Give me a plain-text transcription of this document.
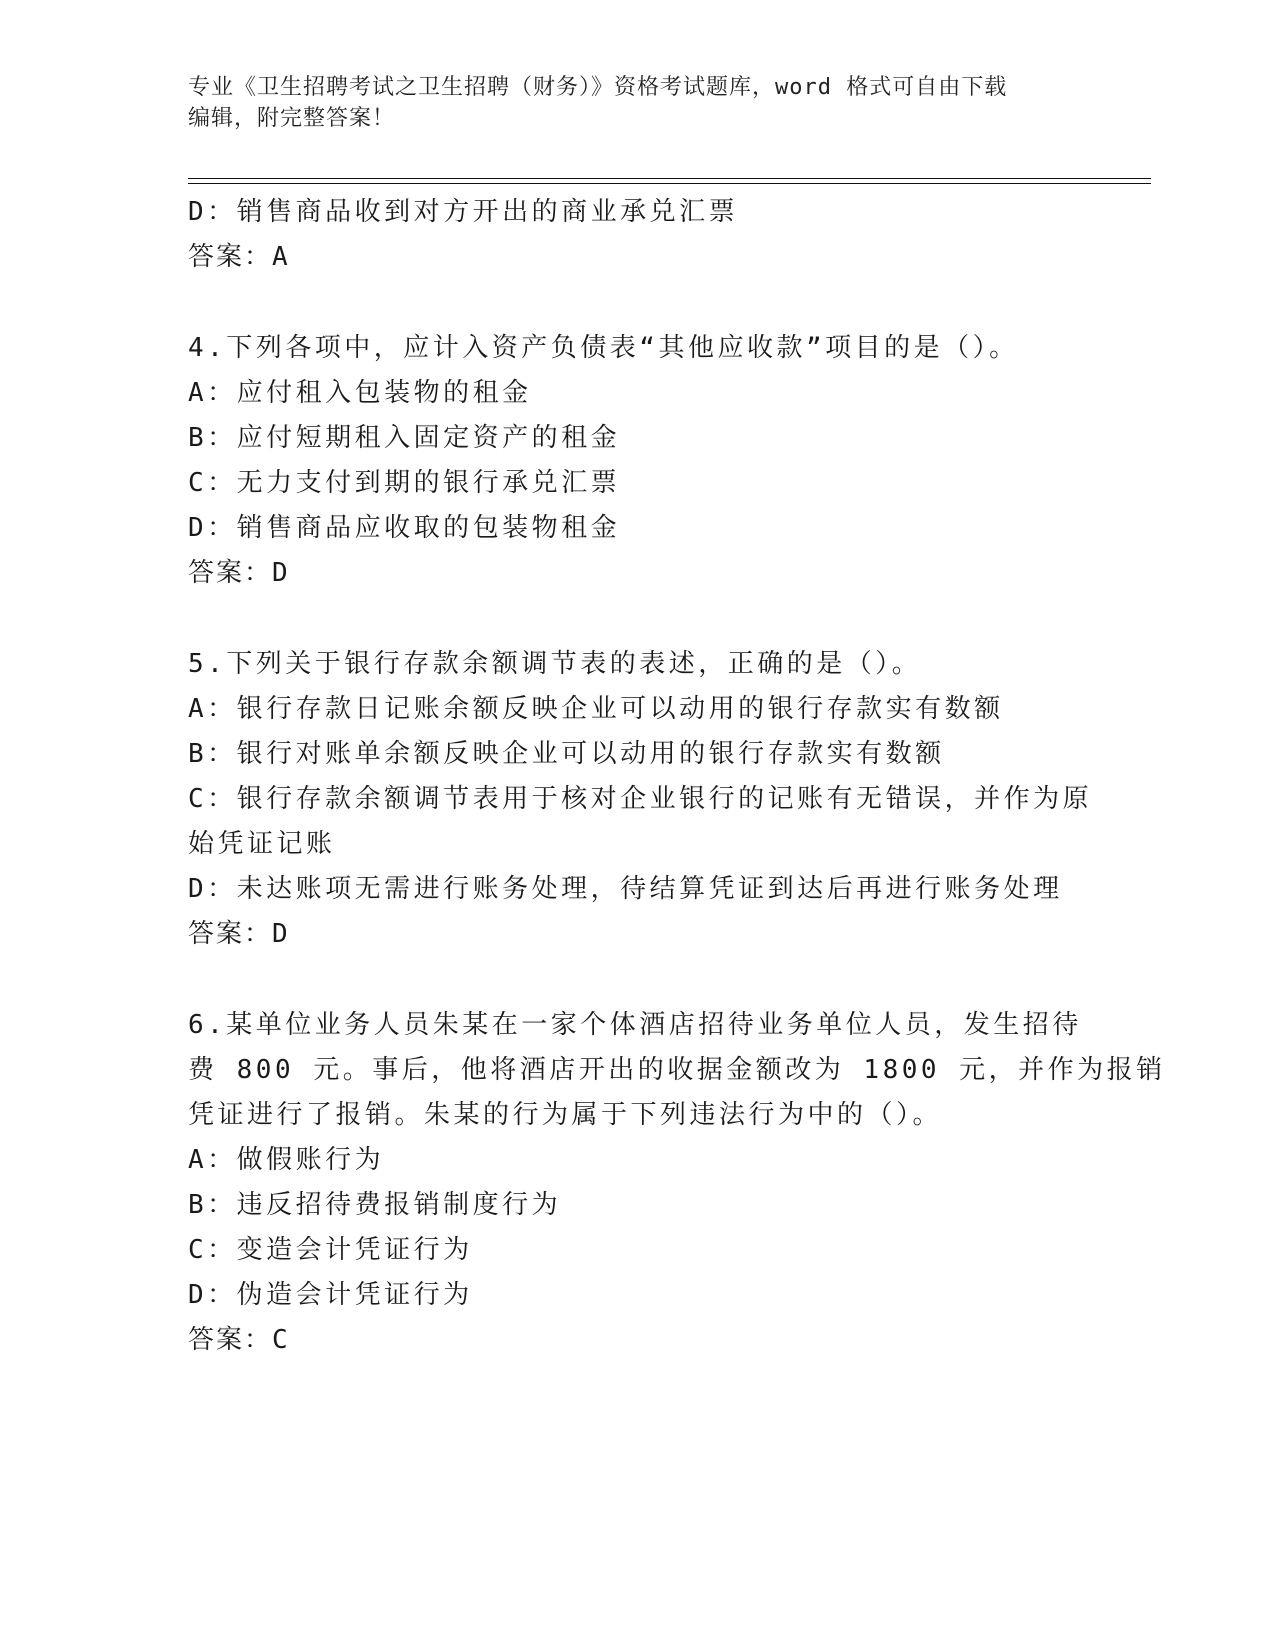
专业《卫生招聘考试之卫生招聘（财务）》资格考试题库，word 格式可自由下载
编辑，附完整答案！
D：销售商品收到对方开出的商业承兑汇票
答案：A
4.下列各项中，应计入资产负债表“其他应收款”项目的是（）。
A：应付租入包装物的租金
B：应付短期租入固定资产的租金
C：无力支付到期的银行承兑汇票
D：销售商品应收取的包装物租金
答案：D
5.下列关于银行存款余额调节表的表述，正确的是（）。
A：银行存款日记账余额反映企业可以动用的银行存款实有数额
B：银行对账单余额反映企业可以动用的银行存款实有数额
C：银行存款余额调节表用于核对企业银行的记账有无错误，并作为原
始凭证记账
D：未达账项无需进行账务处理，待结算凭证到达后再进行账务处理
答案：D
6.某单位业务人员朱某在一家个体酒店招待业务单位人员，发生招待
费 800 元。事后，他将酒店开出的收据金额改为 1800 元，并作为报销
凭证进行了报销。朱某的行为属于下列违法行为中的（）。
A：做假账行为
B：违反招待费报销制度行为
C：变造会计凭证行为
D：伪造会计凭证行为
答案：C
